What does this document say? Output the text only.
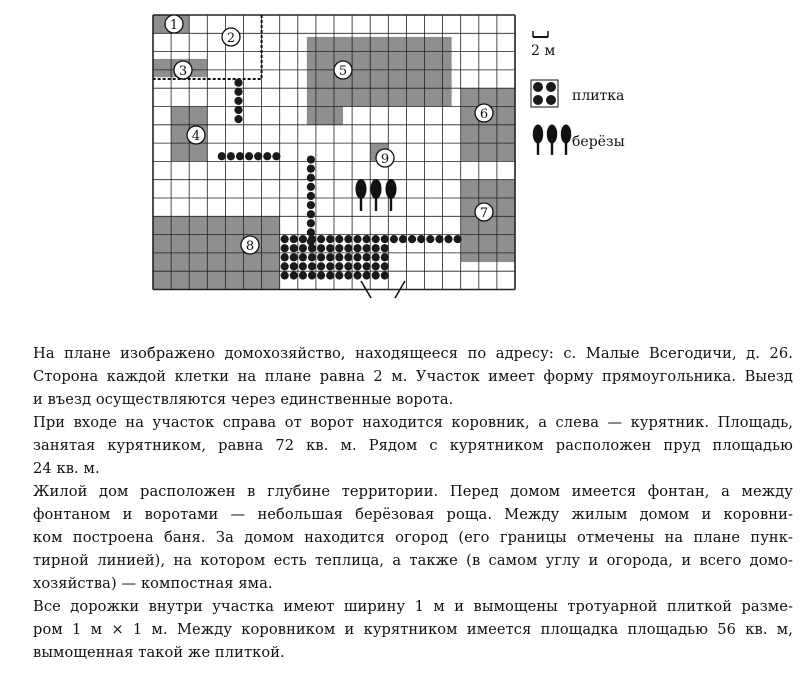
1
2
3
4
5
6
7
8
9
2 м
плитка
берёзы

На плане изображено домохозяйство, находящееся по адресу: с. Малые Всегодичи, д. 26.
Сторона каждой клетки на плане равна 2 м. Участок имеет форму прямоугольника. Выезд
и въезд осуществляются через единственные ворота.

При входе на участок справа от ворот находится коровник, а слева — курятник. Площадь,
занятая курятником, равна 72 кв. м. Рядом с курятником расположен пруд площадью
24 кв. м.

Жилой дом расположен в глубине территории. Перед домом имеется фонтан, а между
фонтаном и воротами — небольшая берёзовая роща. Между жилым домом и коровни-
ком построена баня. За домом находится огород (его границы отмечены на плане пунк-
тирной линией), на котором есть теплица, а также (в самом углу и огорода, и всего домо-
хозяйства) — компостная яма.

Все дорожки внутри участка имеют ширину 1 м и вымощены тротуарной плиткой разме-
ром 1 м × 1 м. Между коровником и курятником имеется площадка площадью 56 кв. м,
вымощенная такой же плиткой.
